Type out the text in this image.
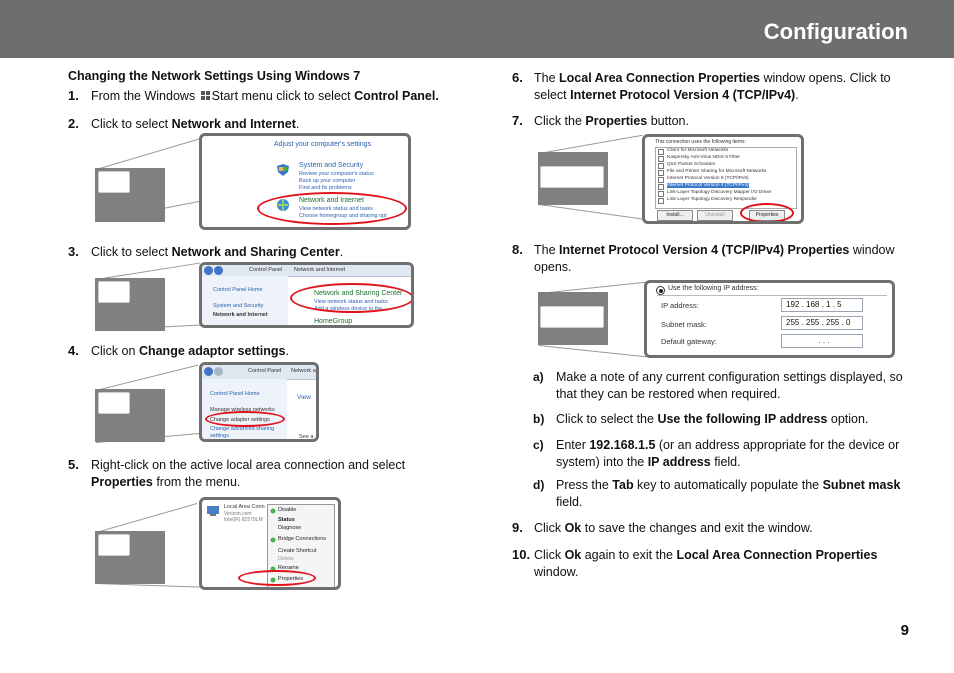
Configuration
Changing the Network Settings Using Windows 7
1. From the Windows Start menu click to select Control Panel.
2. Click to select Network and Internet.
Adjust your computer's settings
System and Security
Review your computer's status
Back up your computer
Find and fix problems
Network and Internet
View network status and tasks
Choose homegroup and sharing opt
3. Click to select Network and Sharing Center.
Control Panel Network and Internet
Control Panel Home
System and Security
Network and Internet
Network and Sharing Center
View network status and tasks
Add a wireless device to the
HomeGroup
4. Click on Change adaptor settings.
Control Panel Network a
Control Panel Home
Manage wireless networks
Change adapter settings
Change advanced sharing
settings
View
See a
5. Right-click on the active local area connection and select Properties from the menu.
Local Area Conn
Verizon.com
Intel(R) 82579LM
Disable
Status
Diagnose
Bridge Connections
Create Shortcut
Delete
Rename
Properties
6. The Local Area Connection Properties window opens. Click to select Internet Protocol Version 4 (TCP/IPv4).
7. Click the Properties button.
This connection uses the following items:
Install...	Uninstall	Properties
Client for Microsoft Networks
Kaspersky Anti-Virus NDIS 6 Filter
QoS Packet Scheduler
File and Printer Sharing for Microsoft Networks
Internet Protocol Version 6 (TCP/IPv6)
Internet Protocol Version 4 (TCP/IPv4)
Link-Layer Topology Discovery Mapper I/O Driver
Link-Layer Topology Discovery Responder
8. The Internet Protocol Version 4 (TCP/IPv4) Properties window opens.
Use the following IP address:
IP address:	192 . 168 . 1 . 5
Subnet mask:	255 . 255 . 255 . 0
Default gateway:	. . .
a) Make a note of any current configuration settings displayed, so that they can be restored when required.
b) Click to select the Use the following IP address option.
c) Enter 192.168.1.5 (or an address appropriate for the device or system) into the IP address field.
d) Press the Tab key to automatically populate the Subnet mask field.
9. Click Ok to save the changes and exit the window.
10. Click Ok again to exit the Local Area Connection Properties window.
9
